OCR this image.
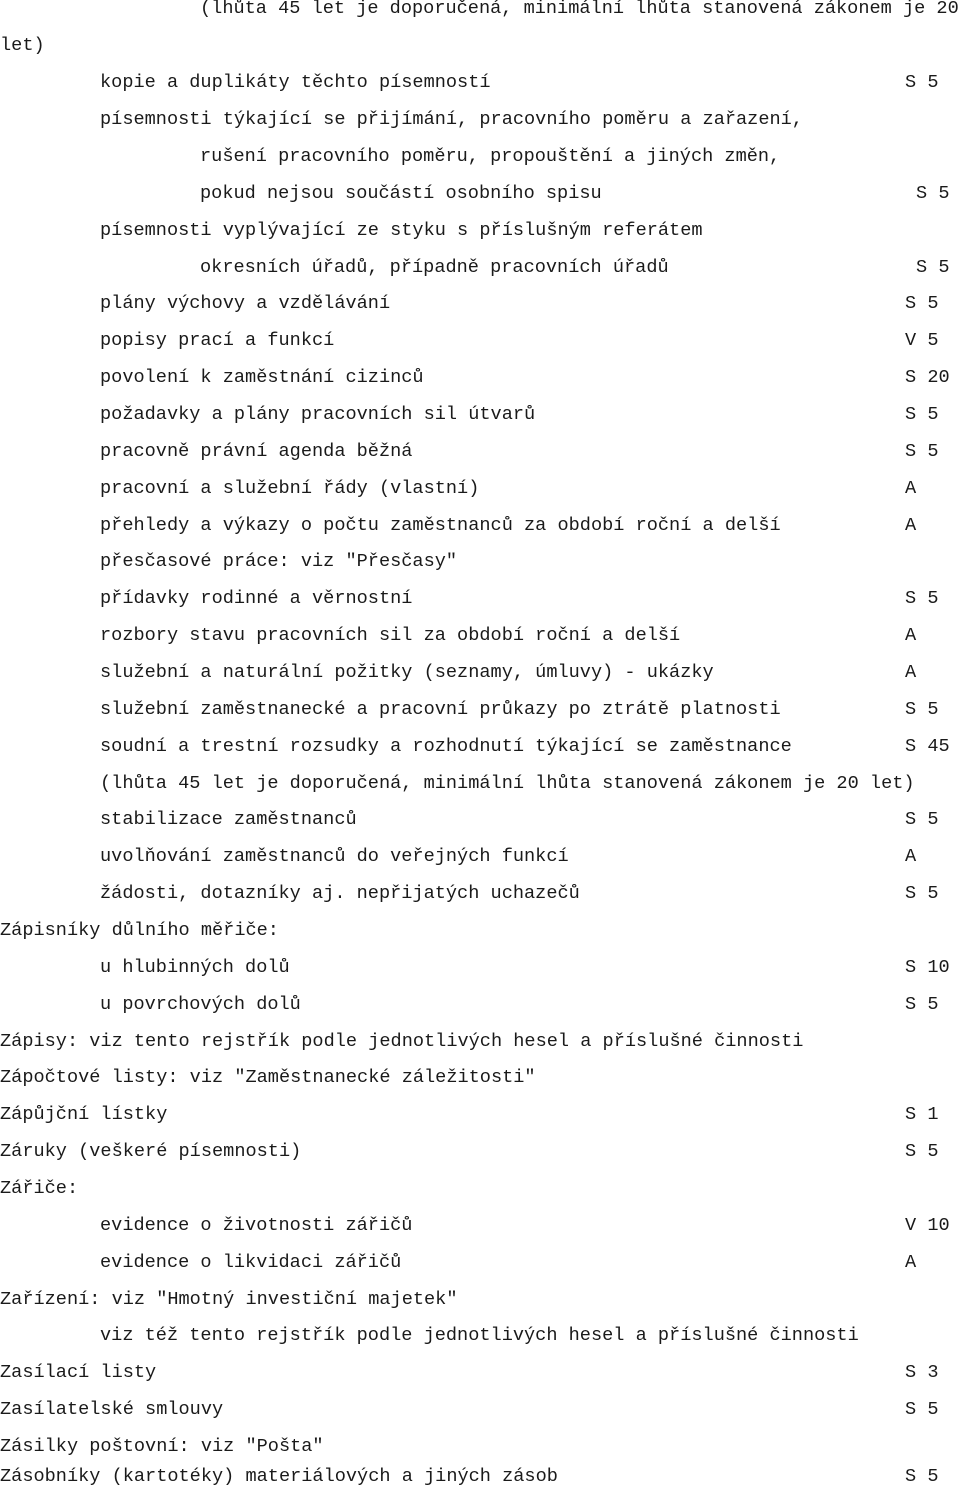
(lhůta 45 let je doporučená, minimální lhůta stanovená zákonem je 20
let)
kopie a duplikáty těchto písemností	S 5
písemnosti týkající se přijímání, pracovního poměru a zařazení,
rušení pracovního poměru, propouštění a jiných změn,
pokud nejsou součástí osobního spisu	S 5
písemnosti vyplývající ze styku s příslušným referátem
okresních úřadů, případně pracovních úřadů	S 5
plány výchovy a vzdělávání	S 5
popisy prací a funkcí	V 5
povolení k zaměstnání cizinců	S 20
požadavky a plány pracovních sil útvarů	S 5
pracovně právní agenda běžná	S 5
pracovní a služební řády (vlastní)	A
přehledy a výkazy o počtu zaměstnanců za období roční a delší	A
přesčasové práce: viz "Přesčasy"
přídavky rodinné a věrnostní	S 5
rozbory stavu pracovních sil za období roční a delší	A
služební a naturální požitky (seznamy, úmluvy) - ukázky	A
služební zaměstnanecké a pracovní průkazy po ztrátě platnosti	S 5
soudní a trestní rozsudky a rozhodnutí týkající se zaměstnance	S 45
(lhůta 45 let je doporučená, minimální lhůta stanovená zákonem je 20 let)
stabilizace zaměstnanců	S 5
uvolňování zaměstnanců do veřejných funkcí	A
žádosti, dotazníky aj. nepřijatých uchazečů	S 5
Zápisníky důlního měřiče:
u hlubinných dolů	S 10
u povrchových dolů	S 5
Zápisy: viz tento rejstřík podle jednotlivých hesel a příslušné činnosti
Zápočtové listy: viz "Zaměstnanecké záležitosti"
Zápůjční lístky	S 1
Záruky (veškeré písemnosti)	S 5
Zářiče:
evidence o životnosti zářičů	V 10
evidence o likvidaci zářičů	A
Zařízení: viz "Hmotný investiční majetek"
viz též tento rejstřík podle jednotlivých hesel a příslušné činnosti
Zasílací listy	S 3
Zasílatelské smlouvy	S 5
Zásilky poštovní: viz "Pošta"
Zásobníky (kartotéky) materiálových a jiných zásob	S 5
